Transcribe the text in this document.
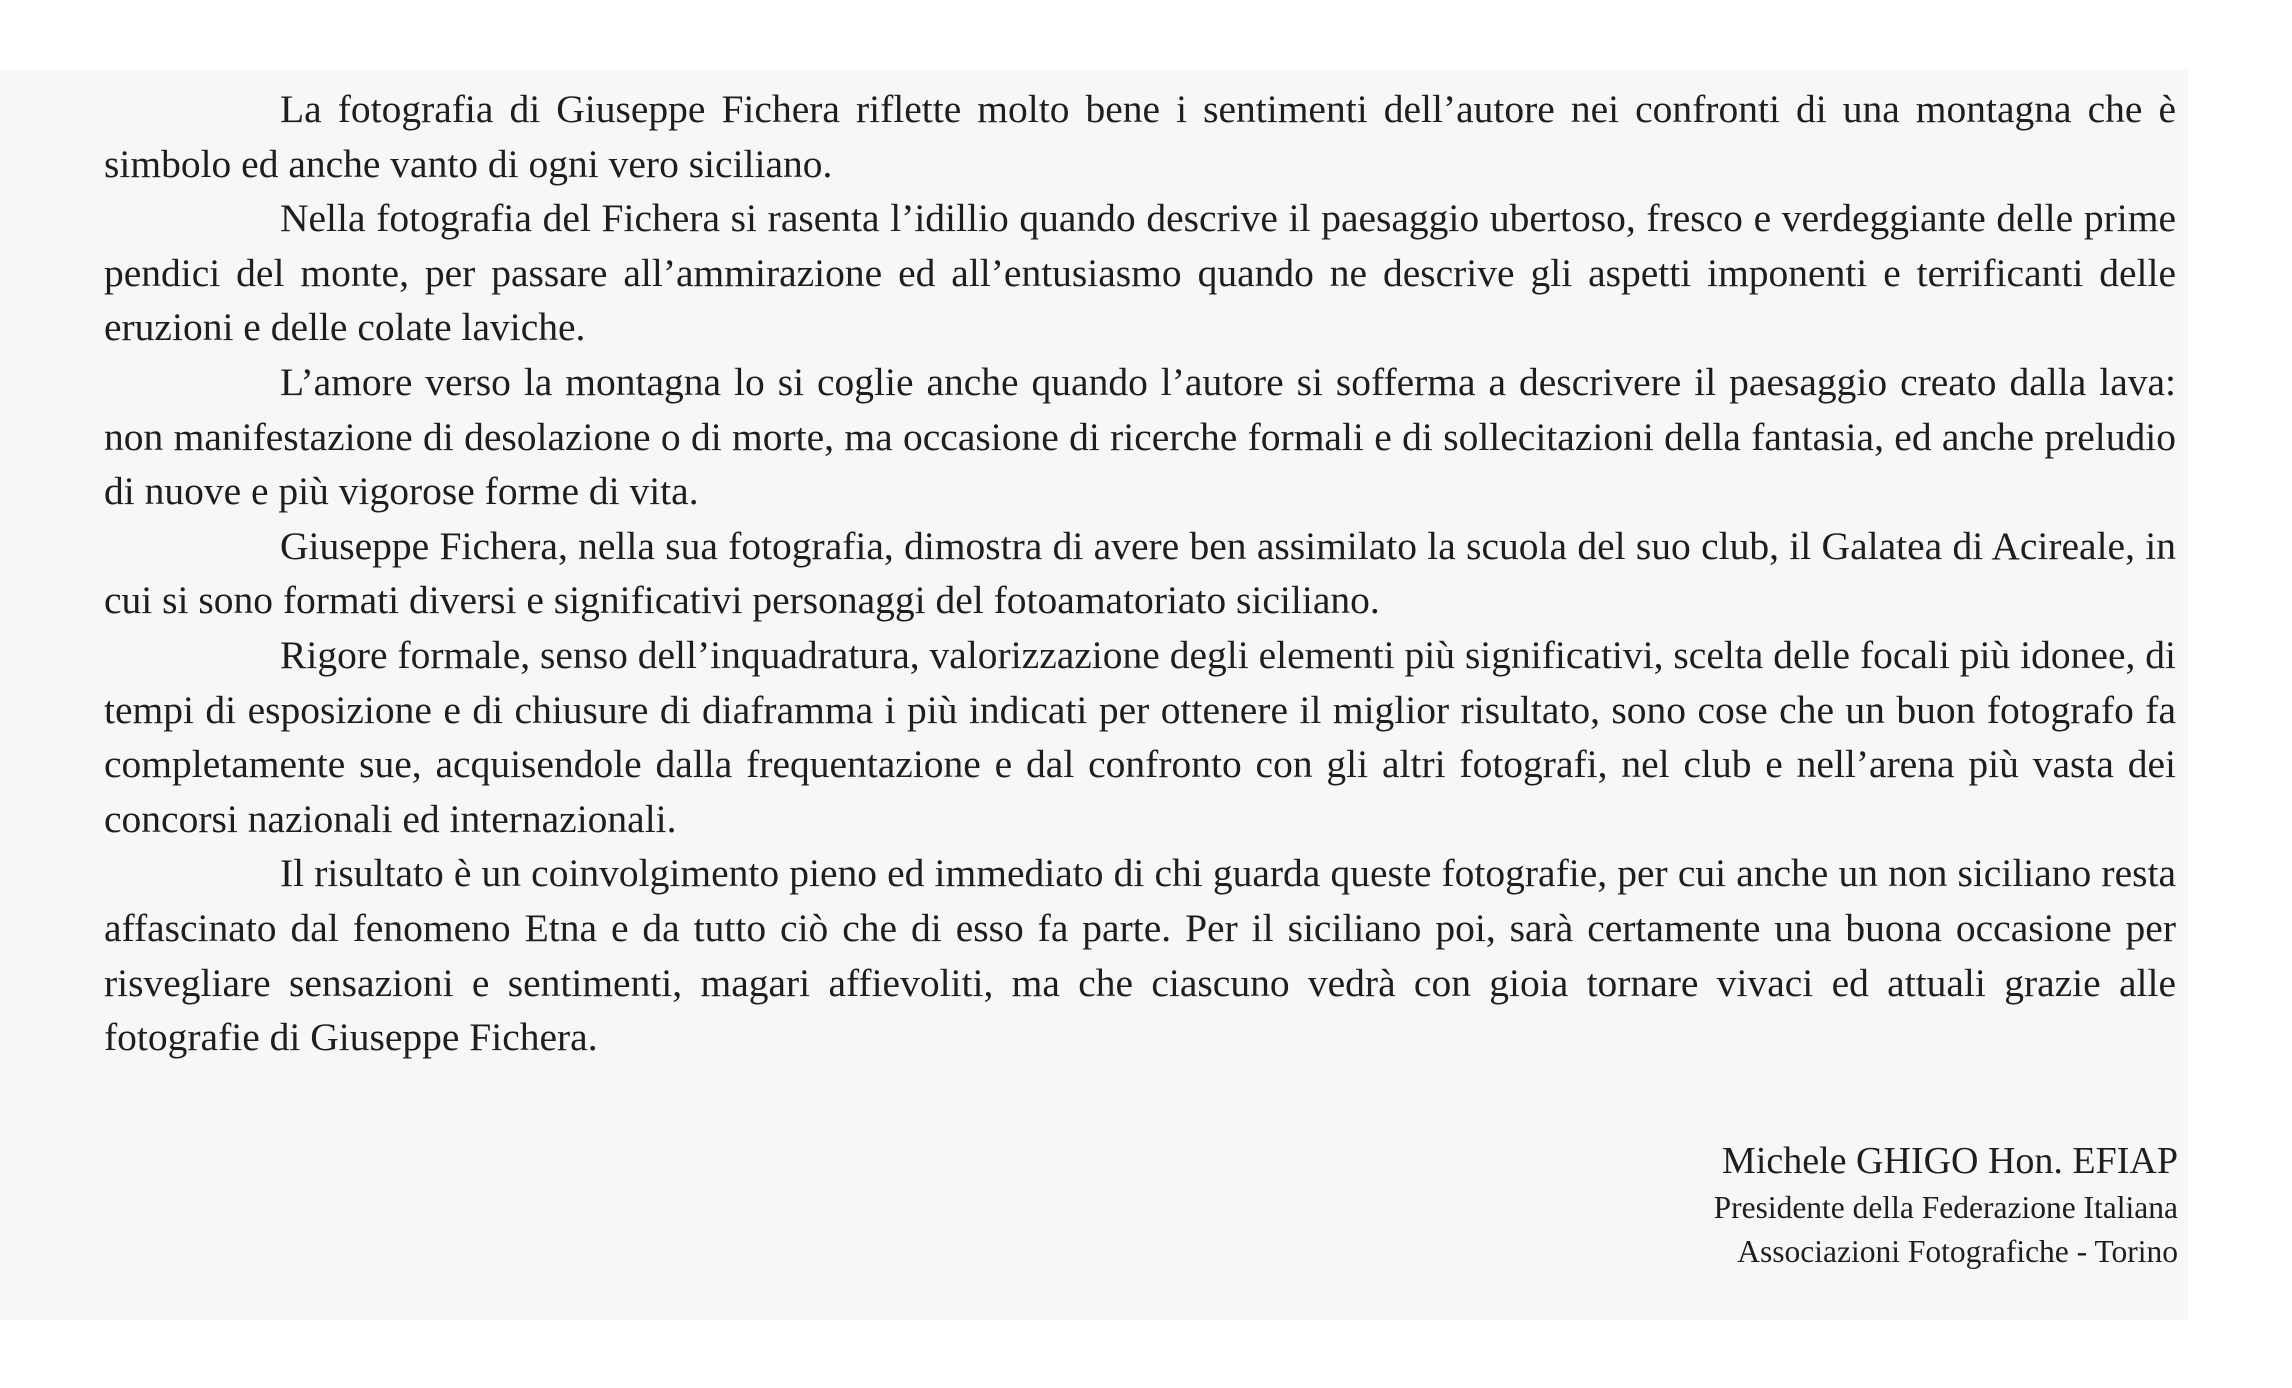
La fotografia di Giuseppe Fichera riflette molto bene i sentimenti dell’autore nei confronti di una montagna che è simbolo ed anche vanto di ogni vero siciliano.

Nella fotografia del Fichera si rasenta l’idillio quando descrive il paesaggio ubertoso, fresco e verdeggiante delle prime pendici del monte, per passare all’ammirazione ed all’entusiasmo quando ne descrive gli aspetti imponenti e terrificanti delle eruzioni e delle colate laviche.

L’amore verso la montagna lo si coglie anche quando l’autore si sofferma a descrivere il paesaggio creato dalla lava: non manifestazione di desolazione o di morte, ma occasione di ricerche formali e di sollecitazioni della fantasia, ed anche preludio di nuove e più vigorose forme di vita.

Giuseppe Fichera, nella sua fotografia, dimostra di avere ben assimilato la scuola del suo club, il Galatea di Acireale, in cui si sono formati diversi e significativi personaggi del fotoamatoriato siciliano.

Rigore formale, senso dell’inquadratura, valorizzazione degli elementi più significativi, scelta delle focali più idonee, di tempi di esposizione e di chiusure di diaframma i più indicati per ottenere il miglior risultato, sono cose che un buon fotografo fa completamente sue, acquisendole dalla frequentazione e dal confronto con gli altri fotografi, nel club e nell’arena più vasta dei concorsi nazionali ed internazionali.

Il risultato è un coinvolgimento pieno ed immediato di chi guarda queste fotografie, per cui anche un non siciliano resta affascinato dal fenomeno Etna e da tutto ciò che di esso fa parte. Per il siciliano poi, sarà certamente una buona occasione per risvegliare sensazioni e sentimenti, magari affievoliti, ma che ciascuno vedrà con gioia tornare vivaci ed attuali grazie alle fotografie di Giuseppe Fichera.

Michele GHIGO Hon. EFIAP
Presidente della Federazione Italiana
Associazioni Fotografiche - Torino
